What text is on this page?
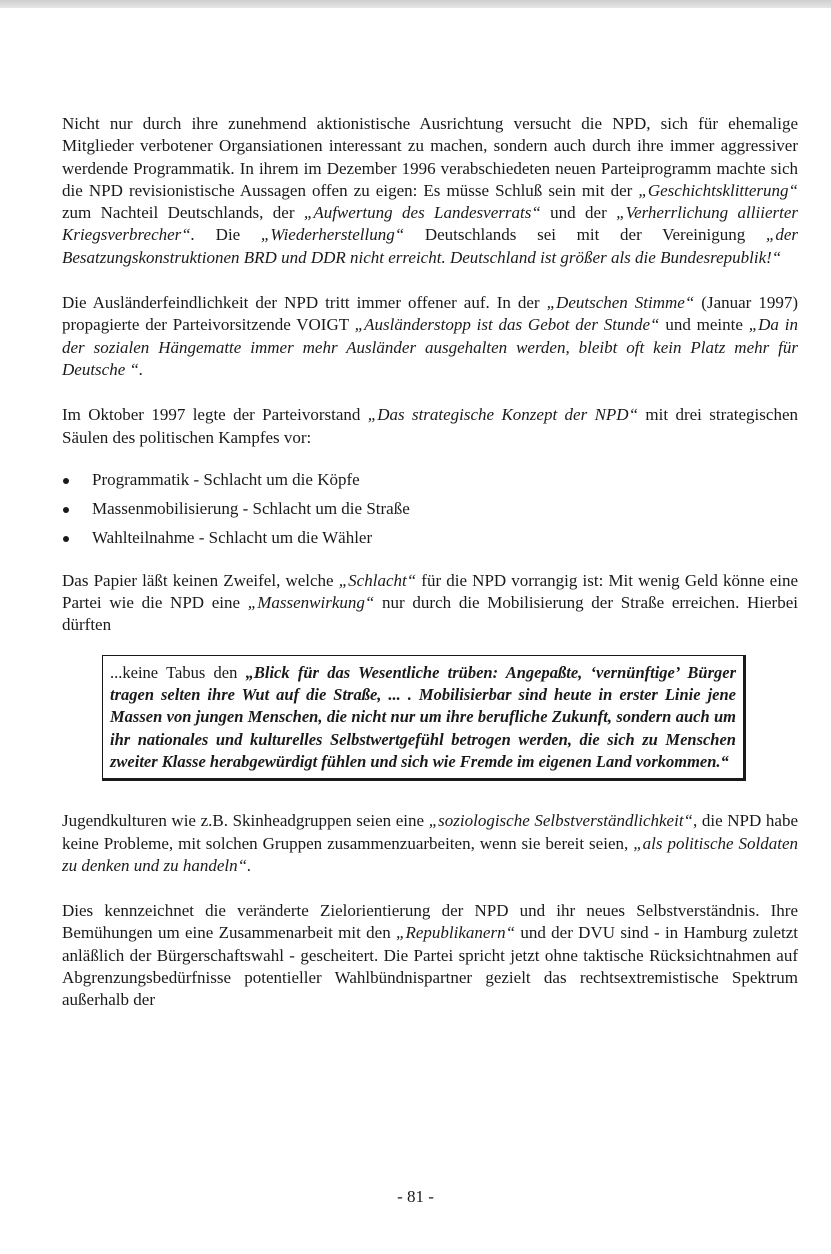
Nicht nur durch ihre zunehmend aktionistische Ausrichtung versucht die NPD, sich für ehemalige Mitglieder verbotener Organsiationen interessant zu machen, sondern auch durch ihre immer aggressiver werdende Programmatik. In ihrem im Dezember 1996 verabschiedeten neuen Parteiprogramm machte sich die NPD revisionistische Aussagen offen zu eigen: Es müsse Schluß sein mit der „Geschichtsklitterung“ zum Nachteil Deutschlands, der „Aufwertung des Landesverrats“ und der „Verherrlichung alliierter Kriegsverbrecher“. Die „Wiederherstellung“ Deutschlands sei mit der Vereinigung „der Besatzungskonstruktionen BRD und DDR nicht erreicht. Deutschland ist größer als die Bundesrepublik!“

Die Ausländerfeindlichkeit der NPD tritt immer offener auf. In der „Deutschen Stimme“ (Januar 1997) propagierte der Parteivorsitzende VOIGT „Ausländerstopp ist das Gebot der Stunde“ und meinte „Da in der sozialen Hängematte immer mehr Ausländer ausgehalten werden, bleibt oft kein Platz mehr für Deutsche “.

Im Oktober 1997 legte der Parteivorstand „Das strategische Konzept der NPD“ mit drei strategischen Säulen des politischen Kampfes vor:

Programmatik - Schlacht um die Köpfe
Massenmobilisierung - Schlacht um die Straße
Wahlteilnahme - Schlacht um die Wähler

Das Papier läßt keinen Zweifel, welche „Schlacht“ für die NPD vorrangig ist: Mit wenig Geld könne eine Partei wie die NPD eine „Massenwirkung“ nur durch die Mobilisierung der Straße erreichen. Hierbei dürften

...keine Tabus den „Blick für das Wesentliche trüben: Angepaßte, ‘vernünftige’ Bürger tragen selten ihre Wut auf die Straße, ... . Mobilisierbar sind heute in erster Linie jene Massen von jungen Menschen, die nicht nur um ihre berufliche Zukunft, sondern auch um ihr nationales und kulturelles Selbstwertgefühl betrogen werden, die sich zu Menschen zweiter Klasse herabgewürdigt fühlen und sich wie Fremde im eigenen Land vorkommen.“

Jugendkulturen wie z.B. Skinheadgruppen seien eine „soziologische Selbstverständlichkeit“, die NPD habe keine Probleme, mit solchen Gruppen zusammenzuarbeiten, wenn sie bereit seien, „als politische Soldaten zu denken und zu handeln“.

Dies kennzeichnet die veränderte Zielorientierung der NPD und ihr neues Selbstverständnis. Ihre Bemühungen um eine Zusammenarbeit mit den „Republikanern“ und der DVU sind - in Hamburg zuletzt anläßlich der Bürgerschaftswahl - gescheitert. Die Partei spricht jetzt ohne taktische Rücksichtnahmen auf Abgrenzungsbedürfnisse potentieller Wahlbündnispartner gezielt das rechtsextremistische Spektrum außerhalb der

- 81 -
